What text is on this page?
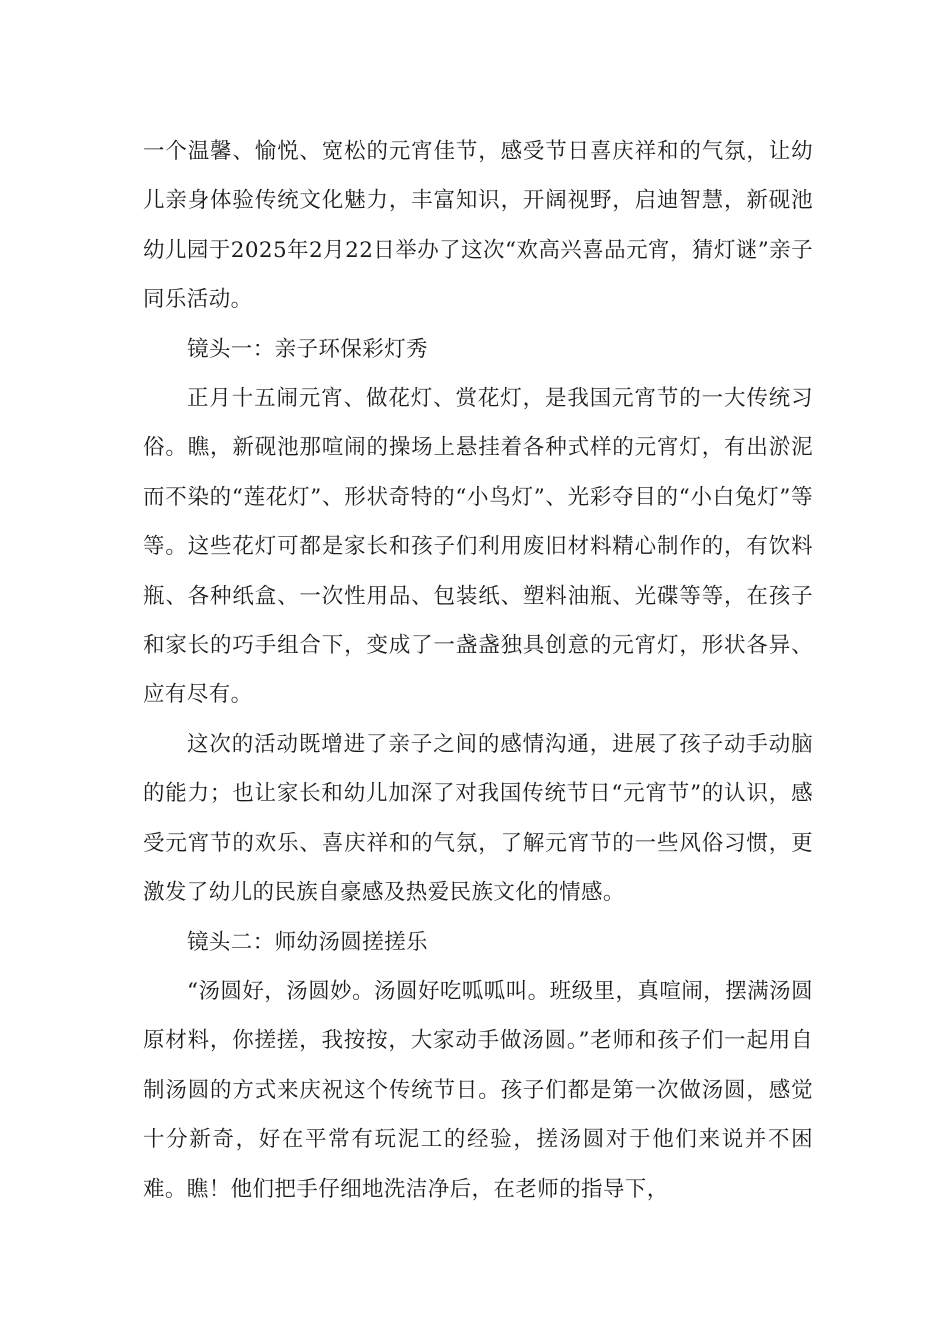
一个温馨、愉悦、宽松的元宵佳节，感受节日喜庆祥和的气氛，让幼儿亲身体验传统文化魅力，丰富知识，开阔视野，启迪智慧，新砚池幼儿园于2025年2月22日举办了这次“欢高兴喜品元宵，猜灯谜”亲子同乐活动。

镜头一：亲子环保彩灯秀

正月十五闹元宵、做花灯、赏花灯，是我国元宵节的一大传统习俗。瞧，新砚池那喧闹的操场上悬挂着各种式样的元宵灯，有出淤泥而不染的“莲花灯”、形状奇特的“小鸟灯”、光彩夺目的“小白兔灯”等等。这些花灯可都是家长和孩子们利用废旧材料精心制作的，有饮料瓶、各种纸盒、一次性用品、包装纸、塑料油瓶、光碟等等，在孩子和家长的巧手组合下，变成了一盏盏独具创意的元宵灯，形状各异、应有尽有。

这次的活动既增进了亲子之间的感情沟通，进展了孩子动手动脑的能力；也让家长和幼儿加深了对我国传统节日“元宵节”的认识，感受元宵节的欢乐、喜庆祥和的气氛，了解元宵节的一些风俗习惯，更激发了幼儿的民族自豪感及热爱民族文化的情感。

镜头二：师幼汤圆搓搓乐

“汤圆好，汤圆妙。汤圆好吃呱呱叫。班级里，真喧闹，摆满汤圆原材料，你搓搓，我按按，大家动手做汤圆。”老师和孩子们一起用自制汤圆的方式来庆祝这个传统节日。孩子们都是第一次做汤圆，感觉十分新奇，好在平常有玩泥工的经验，搓汤圆对于他们来说并不困难。瞧！他们把手仔细地洗洁净后，在老师的指导下，
